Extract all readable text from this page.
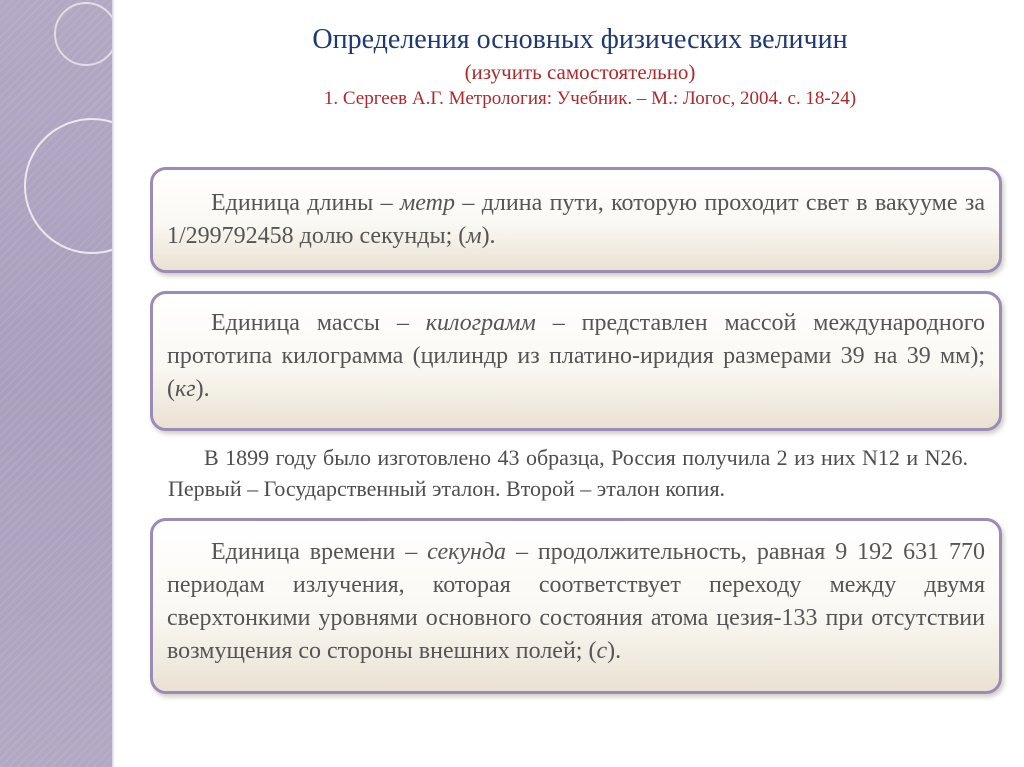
Определения основных физических величин

(изучить самостоятельно)

1. Сергеев А.Г. Метрология: Учебник. – М.: Логос, 2004. с. 18-24)

Единица длины – метр – длина пути, которую проходит свет в вакууме за 1/299792458 долю секунды; (м).

Единица массы – килограмм – представлен массой международного прототипа килограмма (цилиндр из платино-иридия размерами 39 на 39 мм); (кг).

В 1899 году было изготовлено 43 образца, Россия получила 2 из них N12 и N26. Первый – Государственный эталон. Второй – эталон копия.

Единица времени – секунда – продолжительность, равная 9 192 631 770 периодам излучения, которая соответствует переходу между двумя сверхтонкими уровнями основного состояния атома цезия-133 при отсутствии возмущения со стороны внешних полей; (с).
